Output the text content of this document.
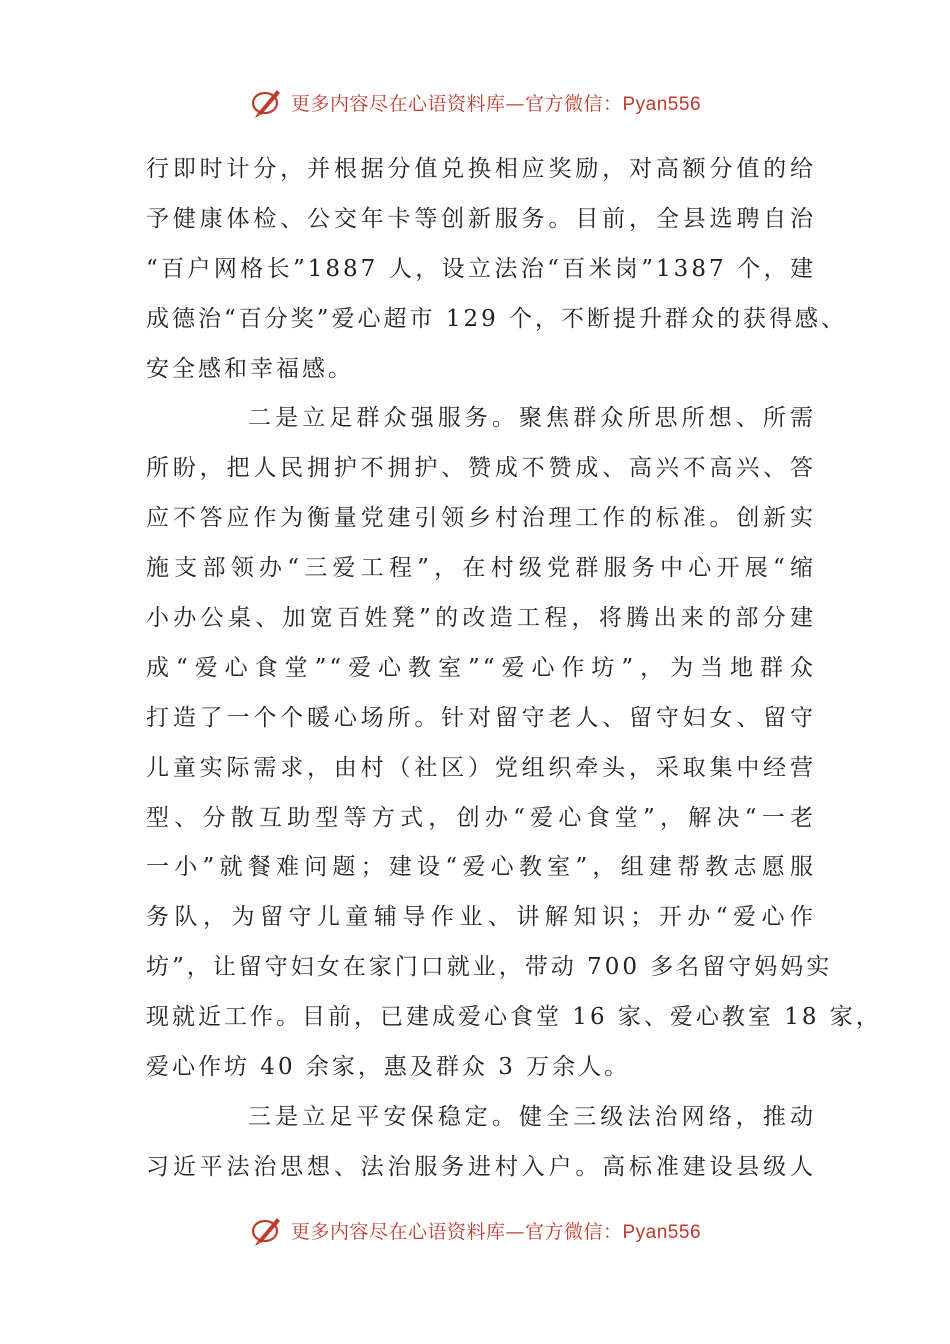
更多内容尽在心语资料库—官方微信：Pyan556
行即时计分，并根据分值兑换相应奖励，对高额分值的给
予健康体检、公交年卡等创新服务。目前，全县选聘自治
“百户网格长”1887 人，设立法治“百米岗”1387 个，建
成德治“百分奖”爱心超市 129 个，不断提升群众的获得感、
安全感和幸福感。
二是立足群众强服务。聚焦群众所思所想、所需
所盼，把人民拥护不拥护、赞成不赞成、高兴不高兴、答
应不答应作为衡量党建引领乡村治理工作的标准。创新实
施支部领办“三爱工程”，在村级党群服务中心开展“缩
小办公桌、加宽百姓凳”的改造工程，将腾出来的部分建
成“爱心食堂”“爱心教室”“爱心作坊”，为当地群众
打造了一个个暖心场所。针对留守老人、留守妇女、留守
儿童实际需求，由村（社区）党组织牵头，采取集中经营
型、分散互助型等方式，创办“爱心食堂”，解决“一老
一小”就餐难问题；建设“爱心教室”，组建帮教志愿服
务队，为留守儿童辅导作业、讲解知识；开办“爱心作
坊”，让留守妇女在家门口就业，带动 700 多名留守妈妈实
现就近工作。目前，已建成爱心食堂 16 家、爱心教室 18 家，
爱心作坊 40 余家，惠及群众 3 万余人。
三是立足平安保稳定。健全三级法治网络，推动
习近平法治思想、法治服务进村入户。高标准建设县级人
更多内容尽在心语资料库—官方微信：Pyan556
